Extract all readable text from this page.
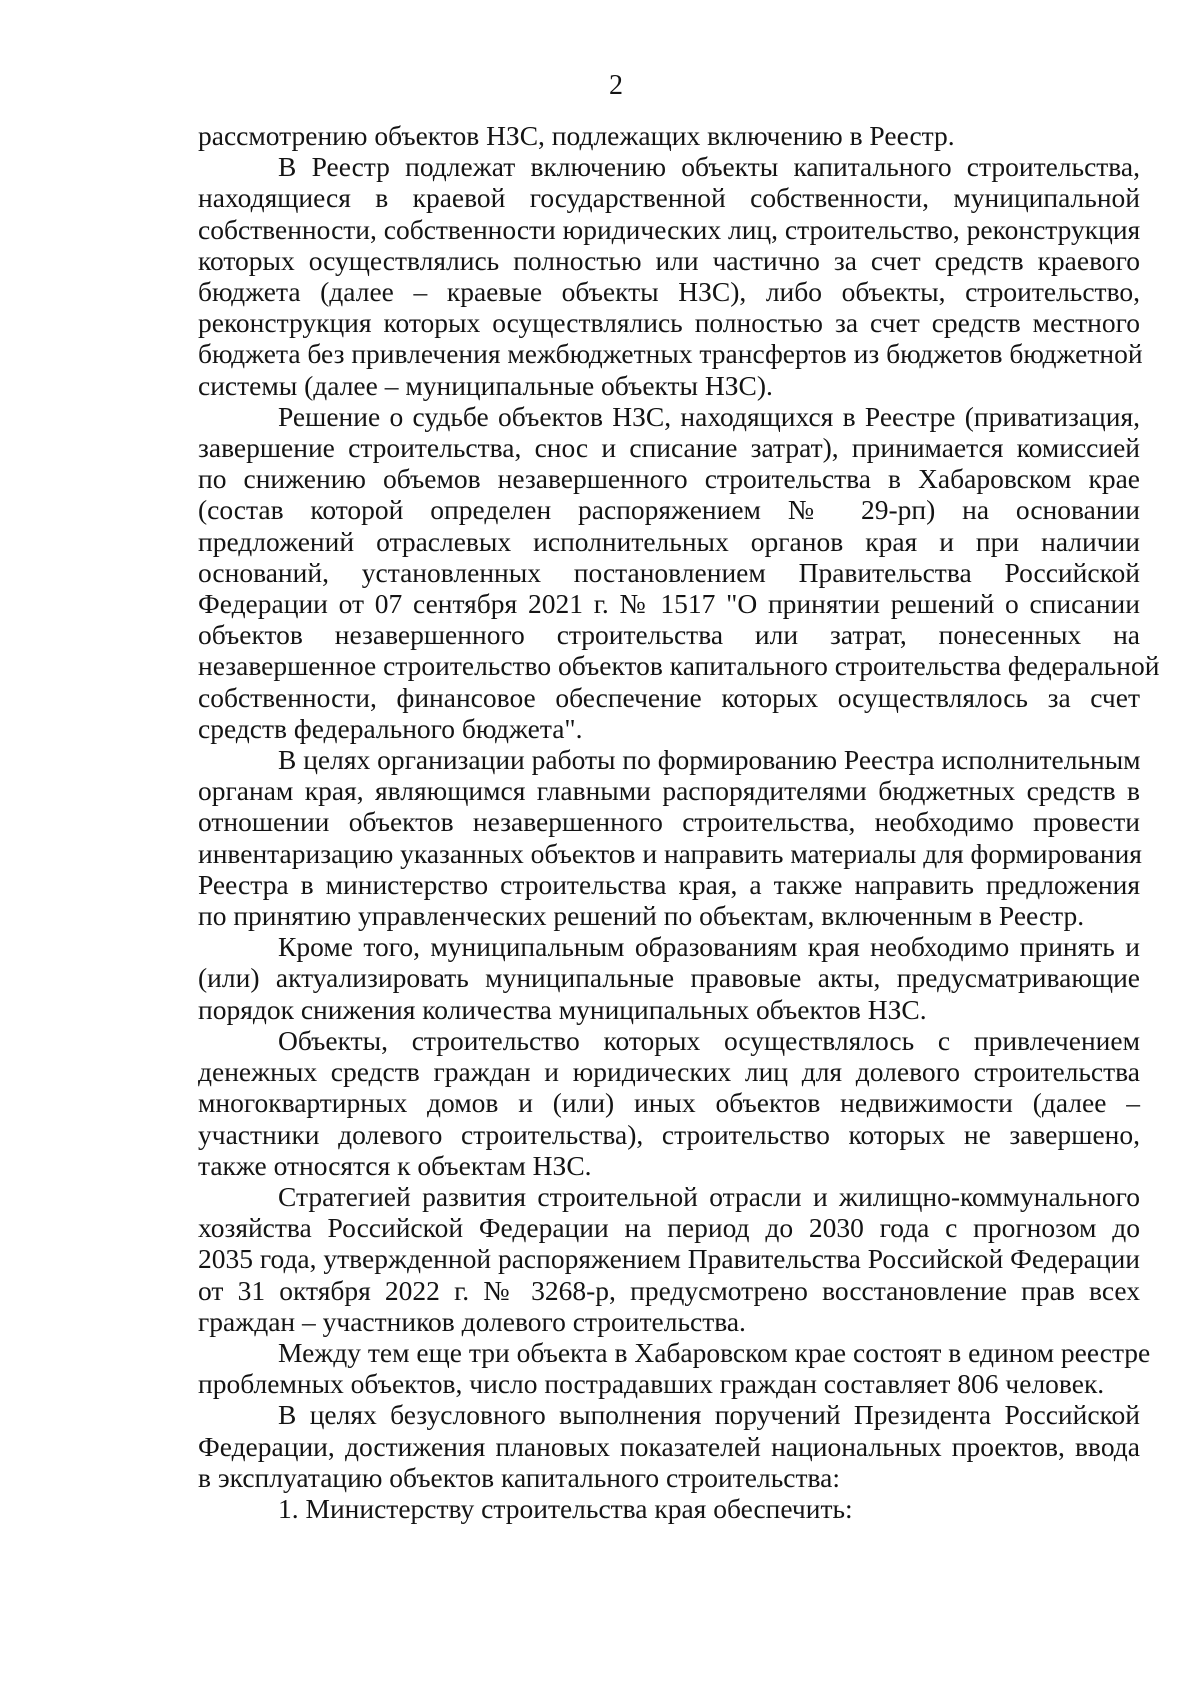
2

рассмотрению объектов НЗС, подлежащих включению в Реестр.

В Реестр подлежат включению объекты капитального строительства,
находящиеся в краевой государственной собственности, муниципальной
собственности, собственности юридических лиц, строительство, реконструкция
которых осуществлялись полностью или частично за счет средств краевого
бюджета (далее – краевые объекты НЗС), либо объекты, строительство,
реконструкция которых осуществлялись полностью за счет средств местного
бюджета без привлечения межбюджетных трансфертов из бюджетов бюджетной
системы (далее – муниципальные объекты НЗС).

Решение о судьбе объектов НЗС, находящихся в Реестре (приватизация,
завершение строительства, снос и списание затрат), принимается комиссией
по снижению объемов незавершенного строительства в Хабаровском крае
(состав которой определен распоряжением № 29-рп) на основании
предложений отраслевых исполнительных органов края и при наличии
оснований, установленных постановлением Правительства Российской
Федерации от 07 сентября 2021 г. № 1517 "О принятии решений о списании
объектов незавершенного строительства или затрат, понесенных на
незавершенное строительство объектов капитального строительства федеральной
собственности, финансовое обеспечение которых осуществлялось за счет
средств федерального бюджета".

В целях организации работы по формированию Реестра исполнительным
органам края, являющимся главными распорядителями бюджетных средств в
отношении объектов незавершенного строительства, необходимо провести
инвентаризацию указанных объектов и направить материалы для формирования
Реестра в министерство строительства края, а также направить предложения
по принятию управленческих решений по объектам, включенным в Реестр.

Кроме того, муниципальным образованиям края необходимо принять и
(или) актуализировать муниципальные правовые акты, предусматривающие
порядок снижения количества муниципальных объектов НЗС.

Объекты, строительство которых осуществлялось с привлечением
денежных средств граждан и юридических лиц для долевого строительства
многоквартирных домов и (или) иных объектов недвижимости (далее –
участники долевого строительства), строительство которых не завершено,
также относятся к объектам НЗС.

Стратегией развития строительной отрасли и жилищно-коммунального
хозяйства Российской Федерации на период до 2030 года с прогнозом до
2035 года, утвержденной распоряжением Правительства Российской Федерации
от 31 октября 2022 г. № 3268-р, предусмотрено восстановление прав всех
граждан – участников долевого строительства.

Между тем еще три объекта в Хабаровском крае состоят в едином реестре
проблемных объектов, число пострадавших граждан составляет 806 человек.

В целях безусловного выполнения поручений Президента Российской
Федерации, достижения плановых показателей национальных проектов, ввода
в эксплуатацию объектов капитального строительства:

1. Министерству строительства края обеспечить:
